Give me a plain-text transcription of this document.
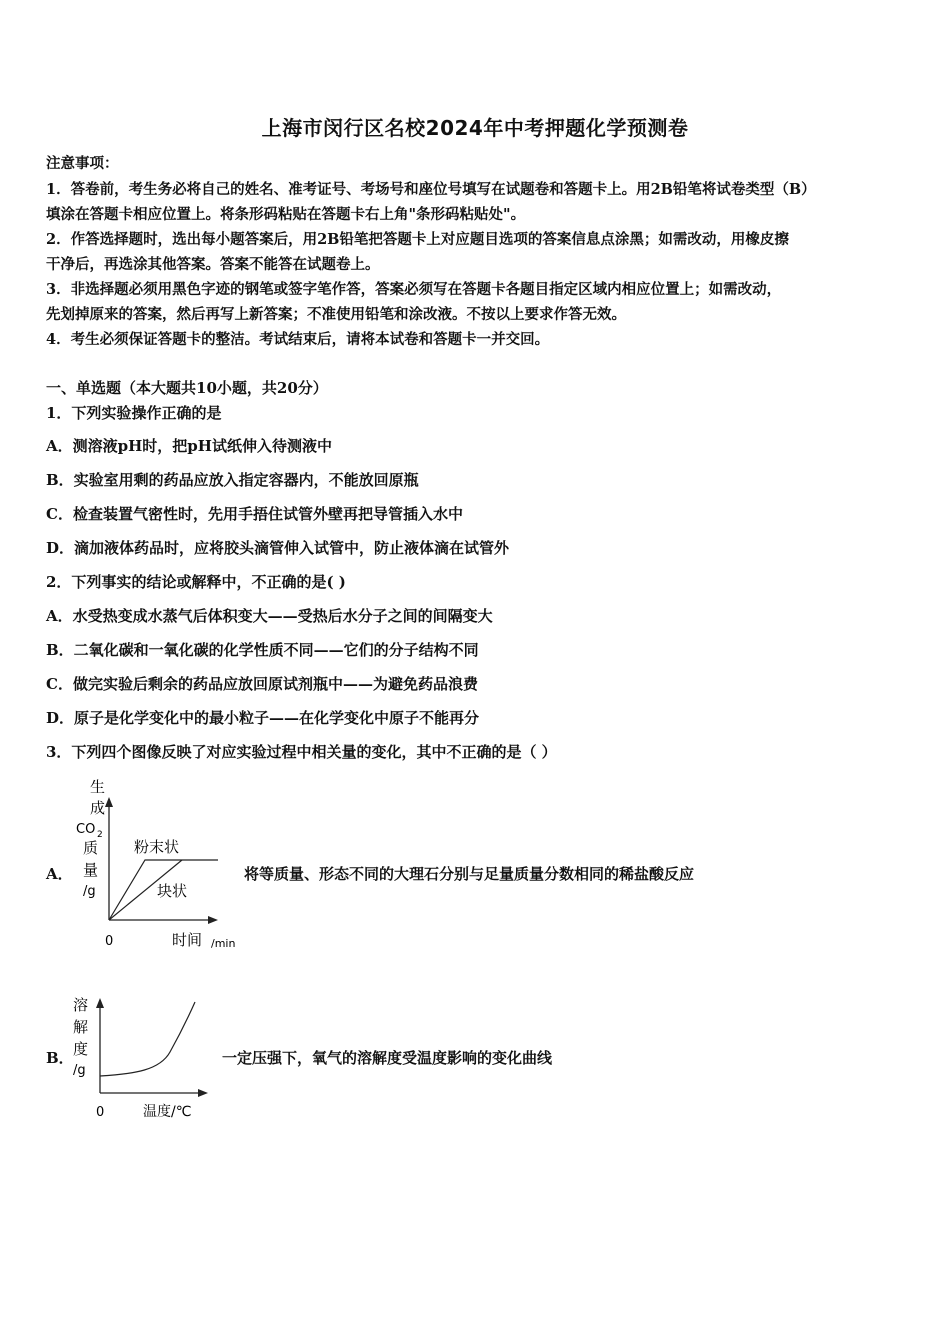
上海市闵行区名校2024年中考押题化学预测卷
注意事项：
1．答卷前，考生务必将自己的姓名、准考证号、考场号和座位号填写在试题卷和答题卡上。用2B铅笔将试卷类型（B）
填涂在答题卡相应位置上。将条形码粘贴在答题卡右上角"条形码粘贴处"。
2．作答选择题时，选出每小题答案后，用2B铅笔把答题卡上对应题目选项的答案信息点涂黑；如需改动，用橡皮擦
干净后，再选涂其他答案。答案不能答在试题卷上。
3．非选择题必须用黑色字迹的钢笔或签字笔作答，答案必须写在答题卡各题目指定区域内相应位置上；如需改动，
先划掉原来的答案，然后再写上新答案；不准使用铅笔和涂改液。不按以上要求作答无效。
4．考生必须保证答题卡的整洁。考试结束后，请将本试卷和答题卡一并交回。
一、单选题（本大题共10小题，共20分）
1．下列实验操作正确的是
A．测溶液pH时，把pH试纸伸入待测液中
B．实验室用剩的药品应放入指定容器内，不能放回原瓶
C．检查装置气密性时，先用手捂住试管外壁再把导管插入水中
D．滴加液体药品时，应将胶头滴管伸入试管中，防止液体滴在试管外
2．下列事实的结论或解释中，不正确的是( )
A．水受热变成水蒸气后体积变大——受热后水分子之间的间隔变大
B．二氧化碳和一氧化碳的化学性质不同——它们的分子结构不同
C．做完实验后剩余的药品应放回原试剂瓶中——为避免药品浪费
D．原子是化学变化中的最小粒子——在化学变化中原子不能再分
3．下列四个图像反映了对应实验过程中相关量的变化，其中不正确的是（ ）
A．
生
成
CO 2
质
量
/g
粉末状
块状
0	时间 /min
将等质量、形态不同的大理石分别与足量质量分数相同的稀盐酸反应
B．
溶
解
度
/g
0	温度/℃
一定压强下，氧气的溶解度受温度影响的变化曲线
